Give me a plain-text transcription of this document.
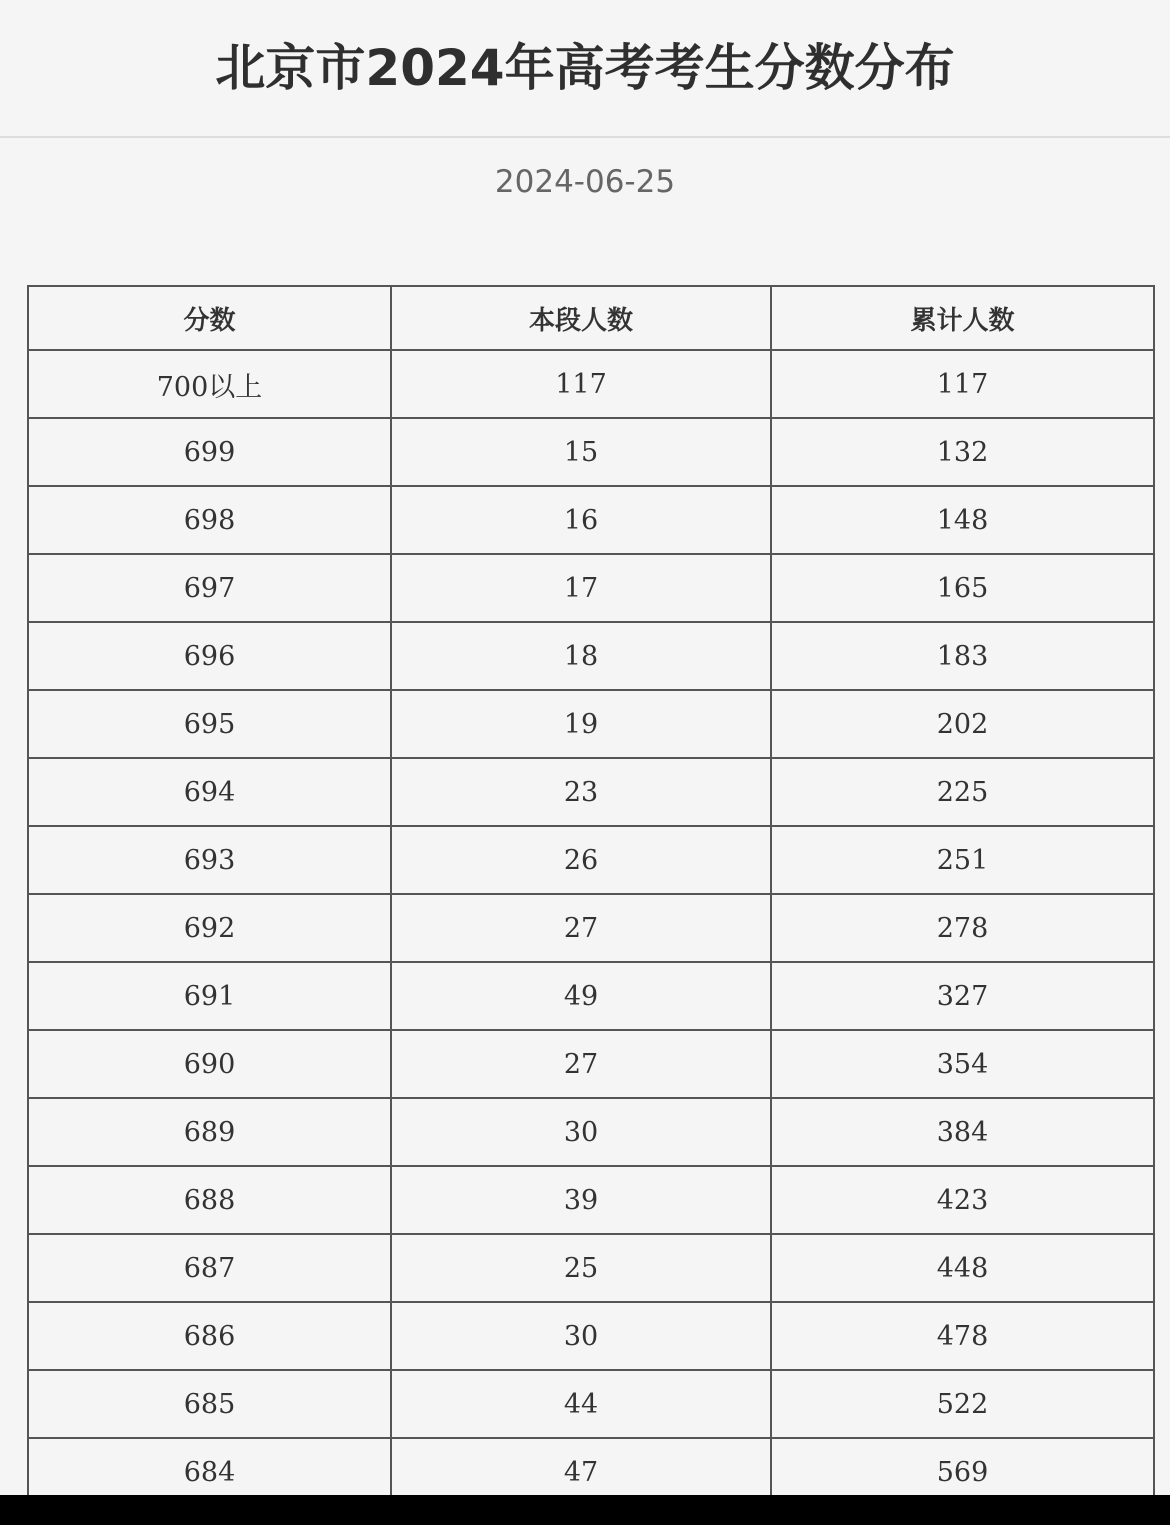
北京市2024年高考考生分数分布
2024-06-25
分数	本段人数	累计人数
700以上	117	117
699	15	132
698	16	148
697	17	165
696	18	183
695	19	202
694	23	225
693	26	251
692	27	278
691	49	327
690	27	354
689	30	384
688	39	423
687	25	448
686	30	478
685	44	522
684	47	569
